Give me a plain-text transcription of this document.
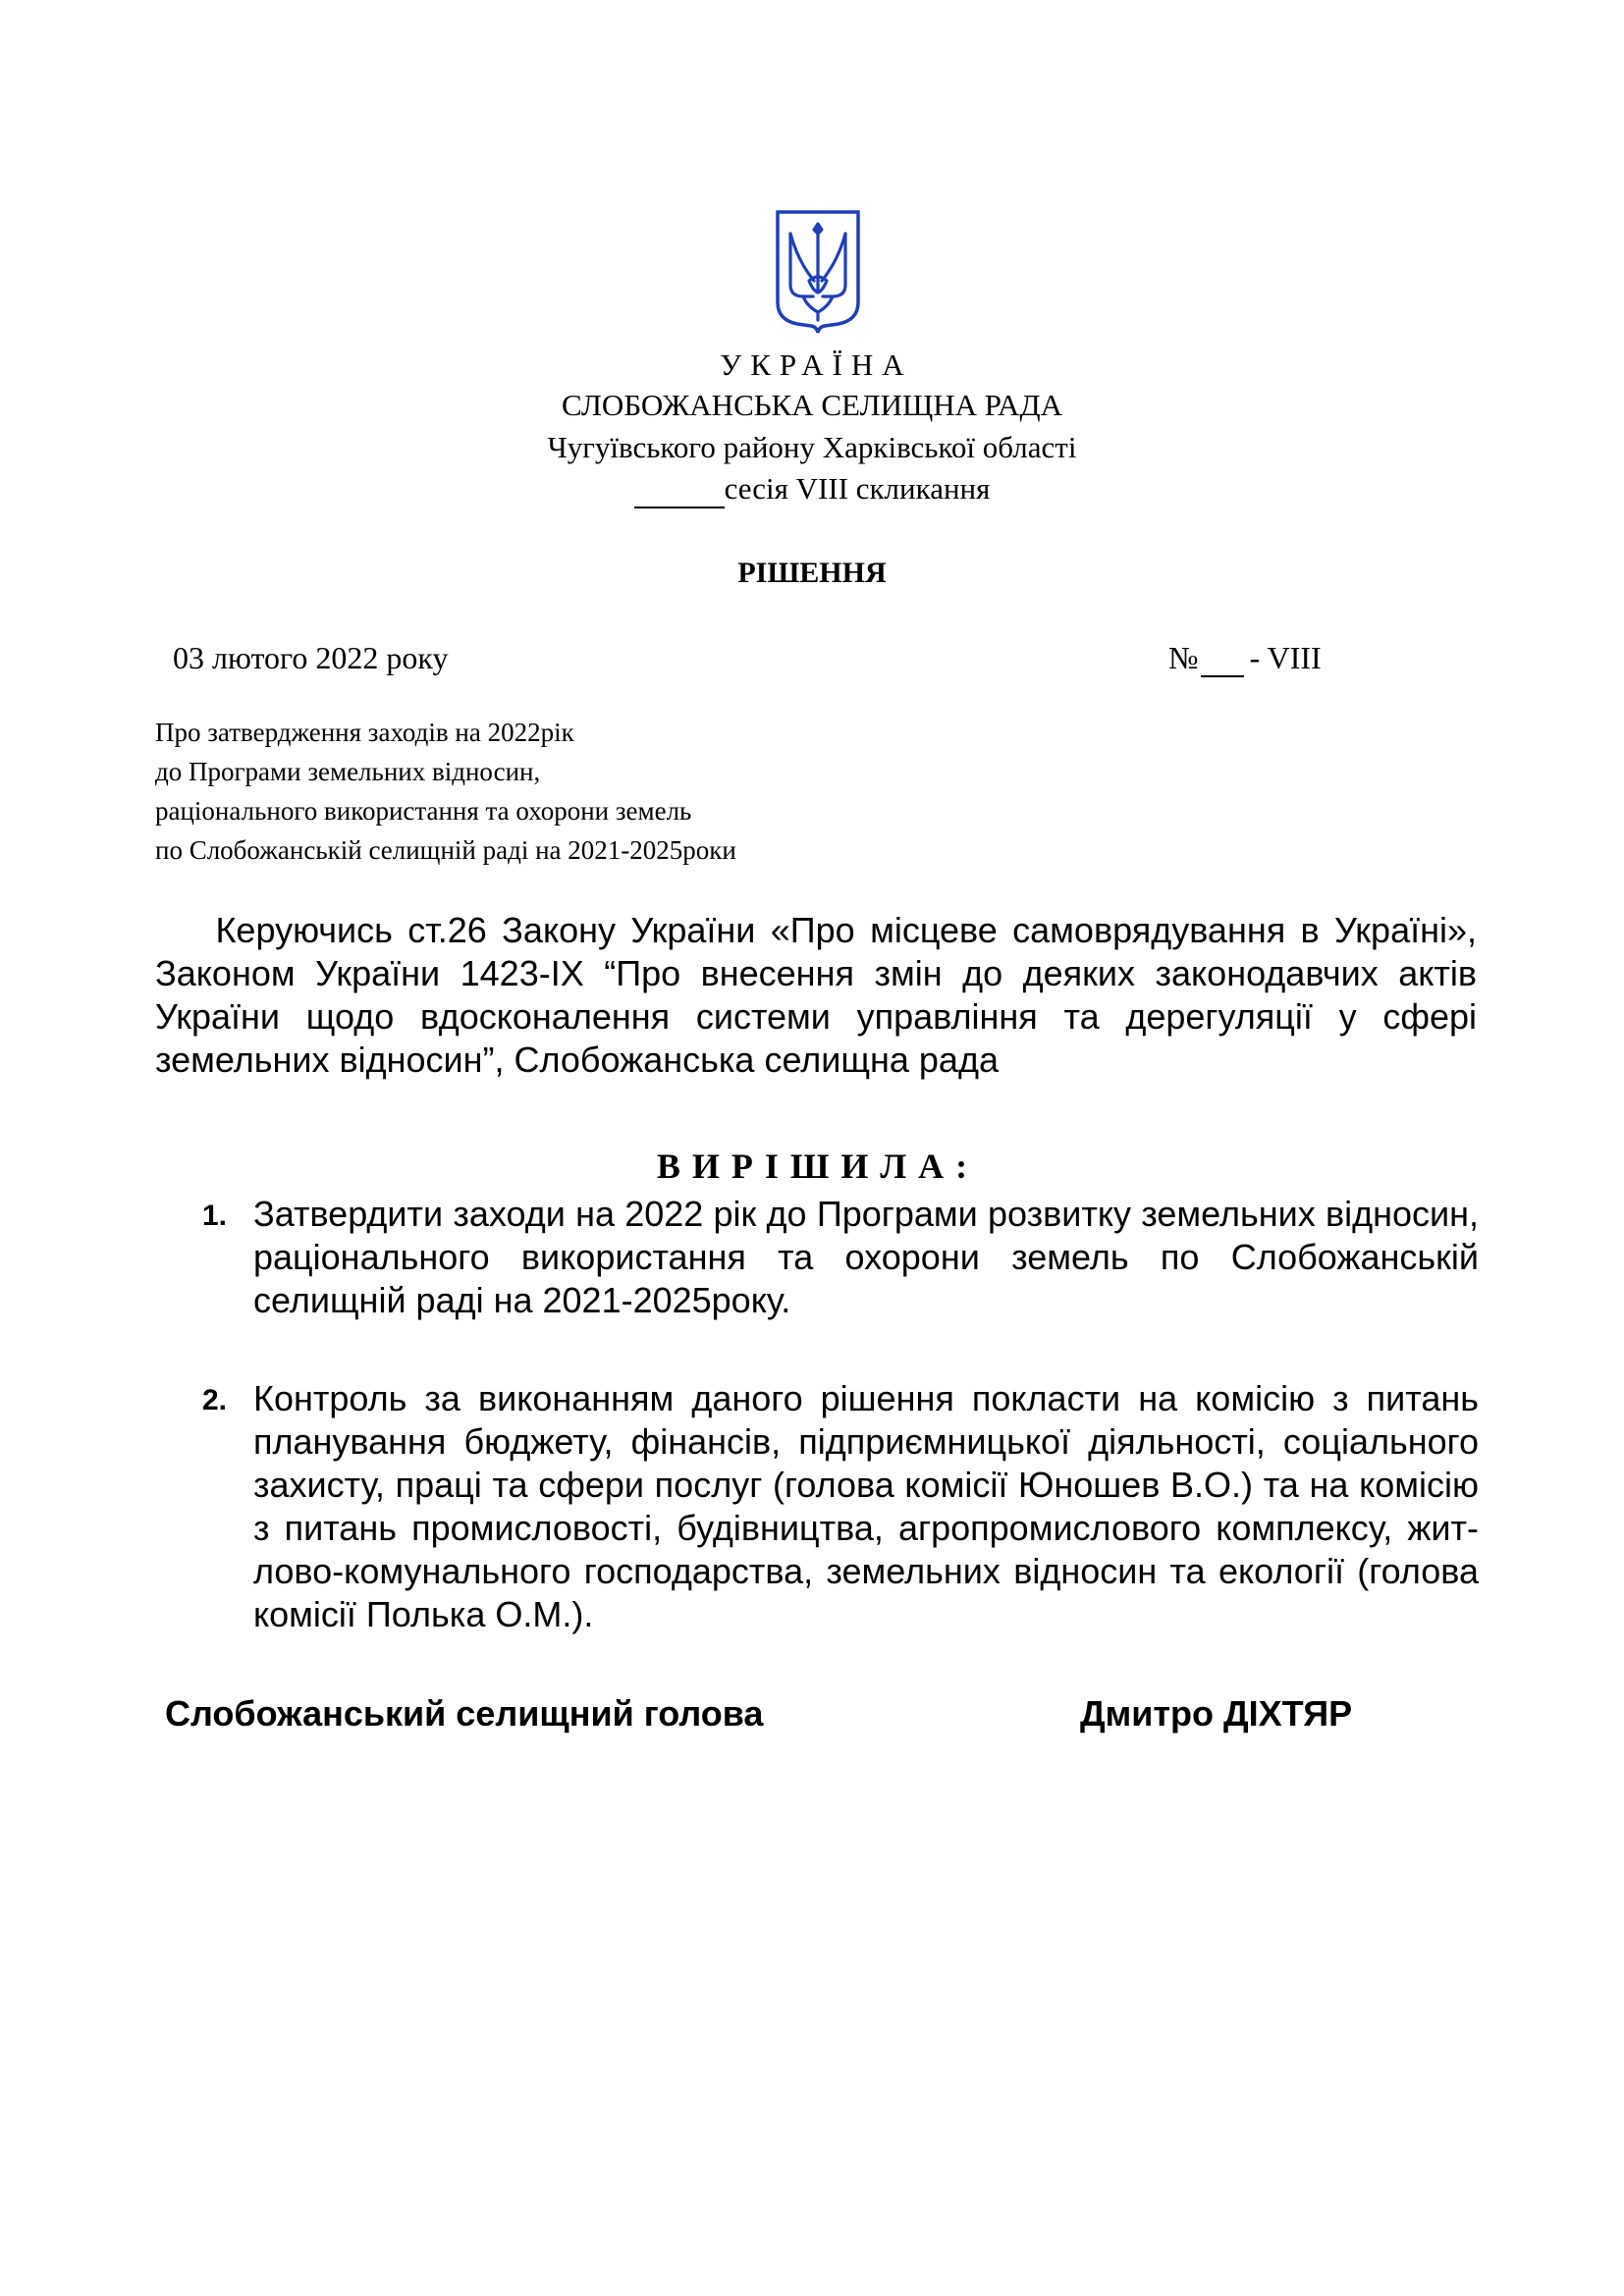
УКРАЇНА
СЛОБОЖАНСЬКА СЕЛИЩНА РАДА
Чугуївського району Харківської області
сесія VIII скликання
РІШЕННЯ
03 лютого 2022 року	№ - VIII
Про затвердження заходів на 2022рік
до Програми земельних відносин,
раціонального використання та охорони земель
по Слобожанській селищній раді на 2021-2025роки
Керуючись ст.26 Закону України «Про місцеве самоврядування в Україні»,
Законом України 1423-IX “Про внесення змін до деяких законодавчих актів
України щодо вдосконалення системи управління та дерегуляції у сфері
земельних відносин”, Слобожанська селищна рада
ВИРІШИЛА:
1. Затвердити заходи на 2022 рік до Програми розвитку земельних відносин,
раціонального використання та охорони земель по Слобожанській
селищній раді на 2021-2025року.
2. Контроль за виконанням даного рішення покласти на комісію з питань
планування бюджету, фінансів, підприємницької діяльності, соціального
захисту, праці та сфери послуг (голова комісії Юношев В.О.) та на комісію
з питань промисловості, будівництва, агропромислового комплексу, жит-
лово-комунального господарства, земельних відносин та екології (голова
комісії Полька О.М.).
Слобожанський селищний голова	Дмитро ДІХТЯР
